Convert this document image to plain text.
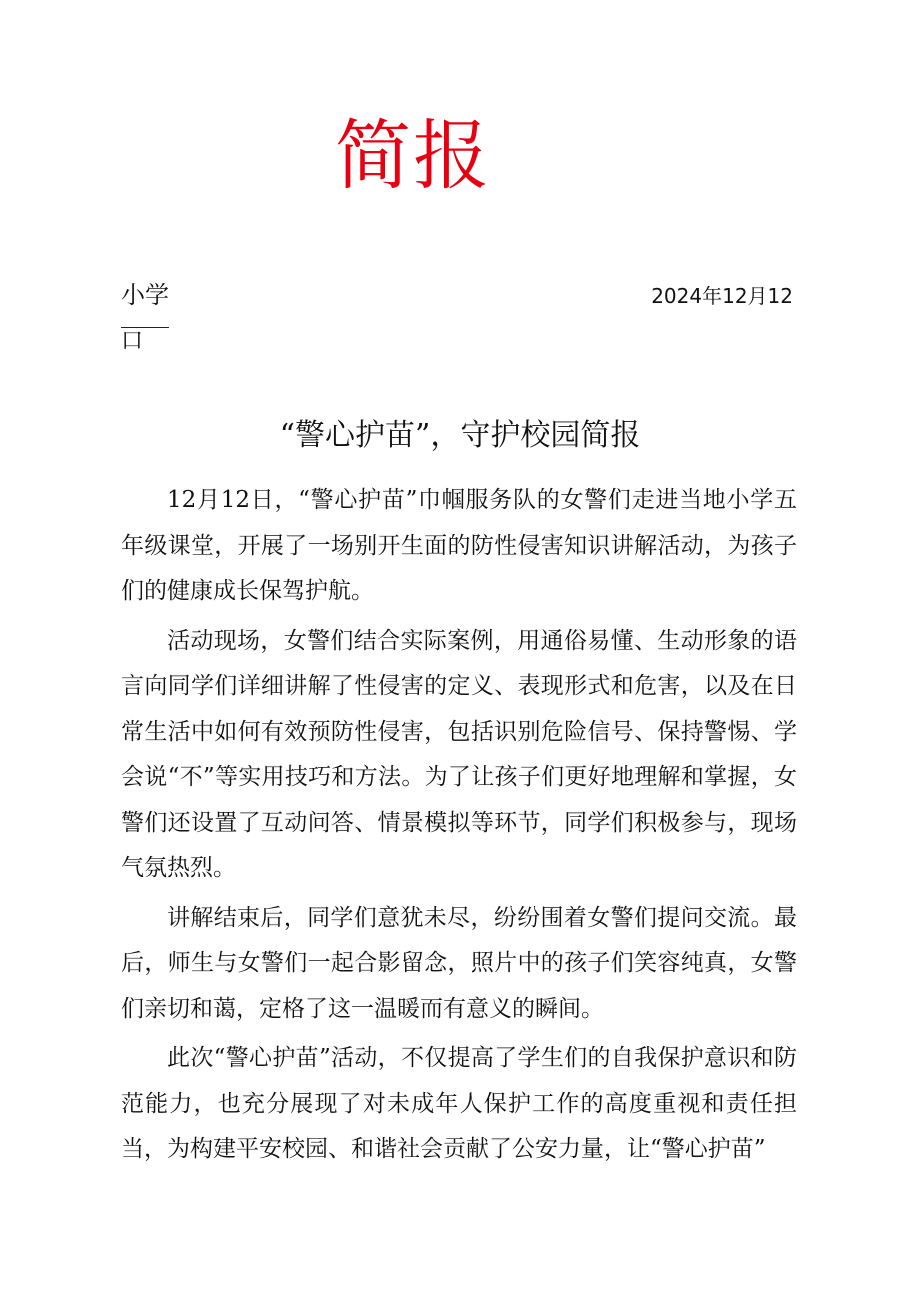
简报
小学
口
2024年12月12
“警心护苗”，守护校园简报

12月12日，“警心护苗”巾帼服务队的女警们走进当地小学五年级课堂，开展了一场别开生面的防性侵害知识讲解活动，为孩子们的健康成长保驾护航。

活动现场，女警们结合实际案例，用通俗易懂、生动形象的语言向同学们详细讲解了性侵害的定义、表现形式和危害，以及在日常生活中如何有效预防性侵害，包括识别危险信号、保持警惕、学会说“不”等实用技巧和方法。为了让孩子们更好地理解和掌握，女警们还设置了互动问答、情景模拟等环节，同学们积极参与，现场气氛热烈。

讲解结束后，同学们意犹未尽，纷纷围着女警们提问交流。最后，师生与女警们一起合影留念，照片中的孩子们笑容纯真，女警们亲切和蔼，定格了这一温暖而有意义的瞬间。

此次“警心护苗”活动，不仅提高了学生们的自我保护意识和防范能力，也充分展现了对未成年人保护工作的高度重视和责任担当，为构建平安校园、和谐社会贡献了公安力量，让“警心护苗”
